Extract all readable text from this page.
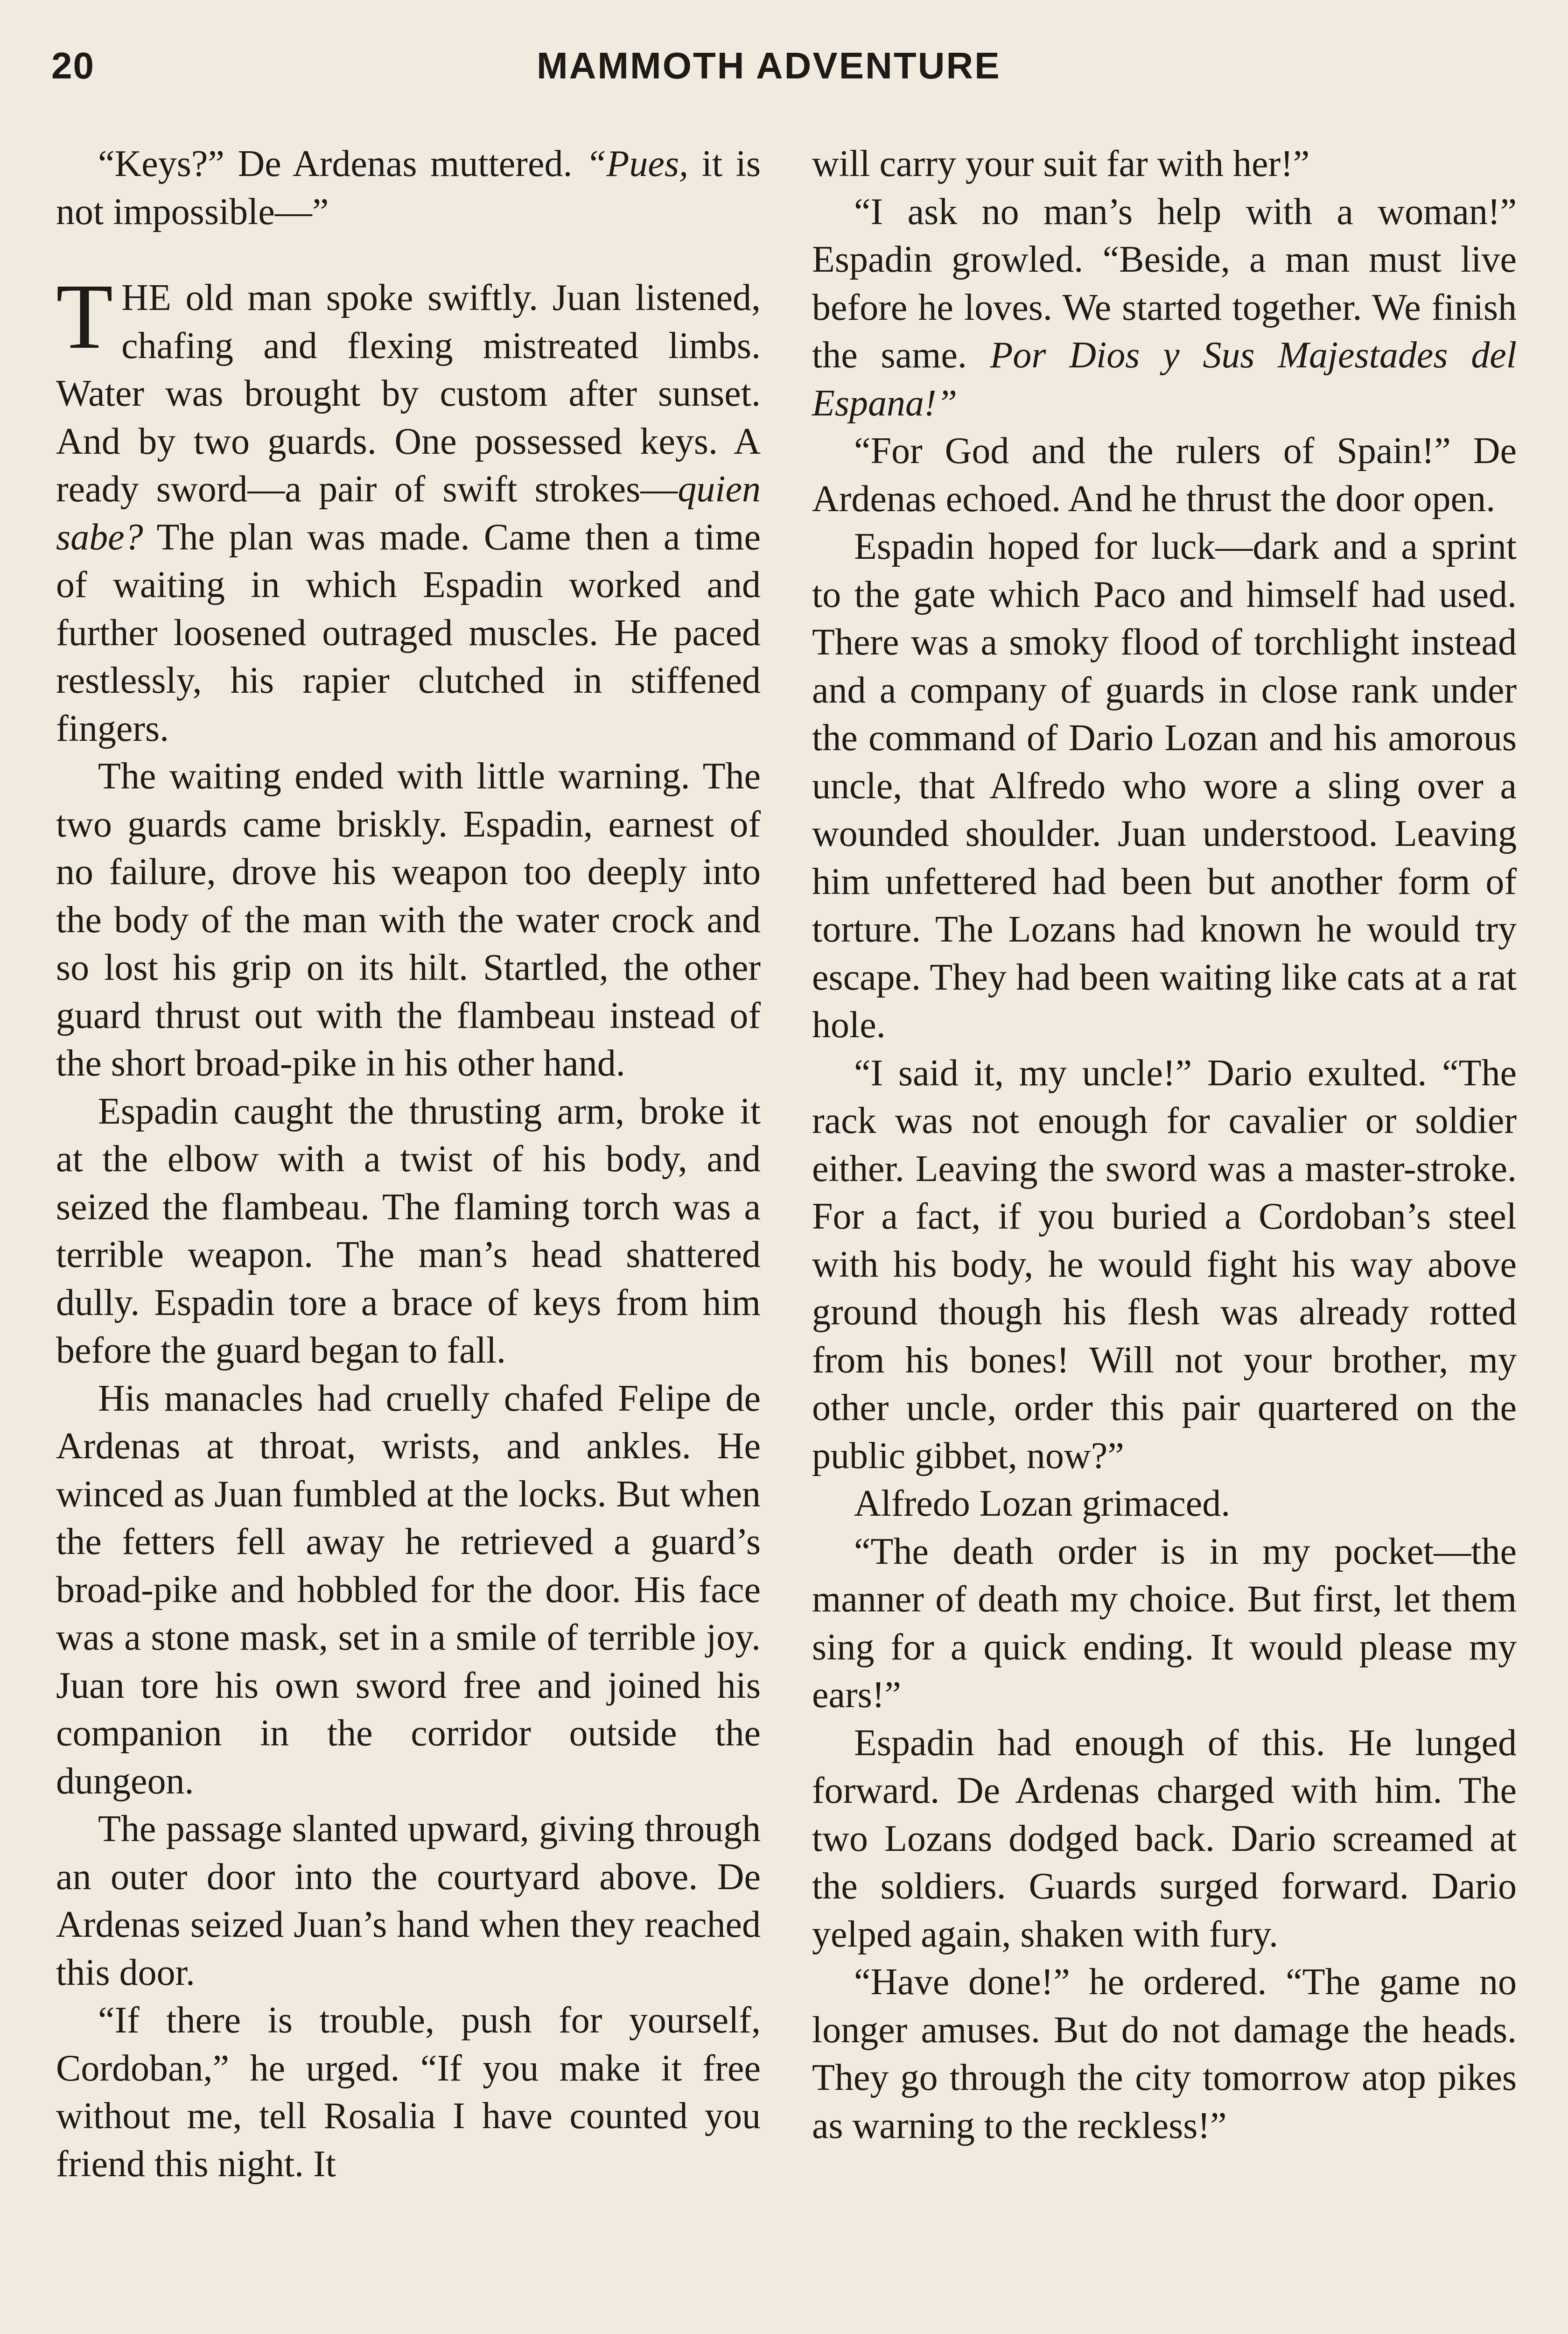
20	MAMMOTH ADVENTURE

“Keys?” De Ardenas muttered. “Pues, it is not impossible—”

THE old man spoke swiftly. Juan listened, chafing and flexing mistreated limbs. Water was brought by custom after sunset. And by two guards. One possessed keys. A ready sword—a pair of swift strokes—quien sabe? The plan was made. Came then a time of waiting in which Espadin worked and further loosened outraged muscles. He paced restlessly, his rapier clutched in stiffened fingers.

The waiting ended with little warning. The two guards came briskly. Espadin, earnest of no failure, drove his weapon too deeply into the body of the man with the water crock and so lost his grip on its hilt. Startled, the other guard thrust out with the flambeau instead of the short broad-pike in his other hand.

Espadin caught the thrusting arm, broke it at the elbow with a twist of his body, and seized the flambeau. The flaming torch was a terrible weapon. The man’s head shattered dully. Espadin tore a brace of keys from him before the guard began to fall.

His manacles had cruelly chafed Felipe de Ardenas at throat, wrists, and ankles. He winced as Juan fumbled at the locks. But when the fetters fell away he retrieved a guard’s broad-pike and hobbled for the door. His face was a stone mask, set in a smile of terrible joy. Juan tore his own sword free and joined his companion in the corridor outside the dungeon.

The passage slanted upward, giving through an outer door into the courtyard above. De Ardenas seized Juan’s hand when they reached this door.

“If there is trouble, push for yourself, Cordoban,” he urged. “If you make it free without me, tell Rosalia I have counted you friend this night. It

will carry your suit far with her!”

“I ask no man’s help with a woman!” Espadin growled. “Beside, a man must live before he loves. We started together. We finish the same. Por Dios y Sus Majestades del Espana!”

“For God and the rulers of Spain!” De Ardenas echoed. And he thrust the door open.

Espadin hoped for luck—dark and a sprint to the gate which Paco and himself had used. There was a smoky flood of torchlight instead and a company of guards in close rank under the command of Dario Lozan and his amorous uncle, that Alfredo who wore a sling over a wounded shoulder. Juan understood. Leaving him unfettered had been but another form of torture. The Lozans had known he would try escape. They had been waiting like cats at a rat hole.

“I said it, my uncle!” Dario exulted. “The rack was not enough for cavalier or soldier either. Leaving the sword was a master-stroke. For a fact, if you buried a Cordoban’s steel with his body, he would fight his way above ground though his flesh was already rotted from his bones! Will not your brother, my other uncle, order this pair quartered on the public gibbet, now?”

Alfredo Lozan grimaced.

“The death order is in my pocket—the manner of death my choice. But first, let them sing for a quick ending. It would please my ears!”

Espadin had enough of this. He lunged forward. De Ardenas charged with him. The two Lozans dodged back. Dario screamed at the soldiers. Guards surged forward. Dario yelped again, shaken with fury.

“Have done!” he ordered. “The game no longer amuses. But do not damage the heads. They go through the city tomorrow atop pikes as warning to the reckless!”
